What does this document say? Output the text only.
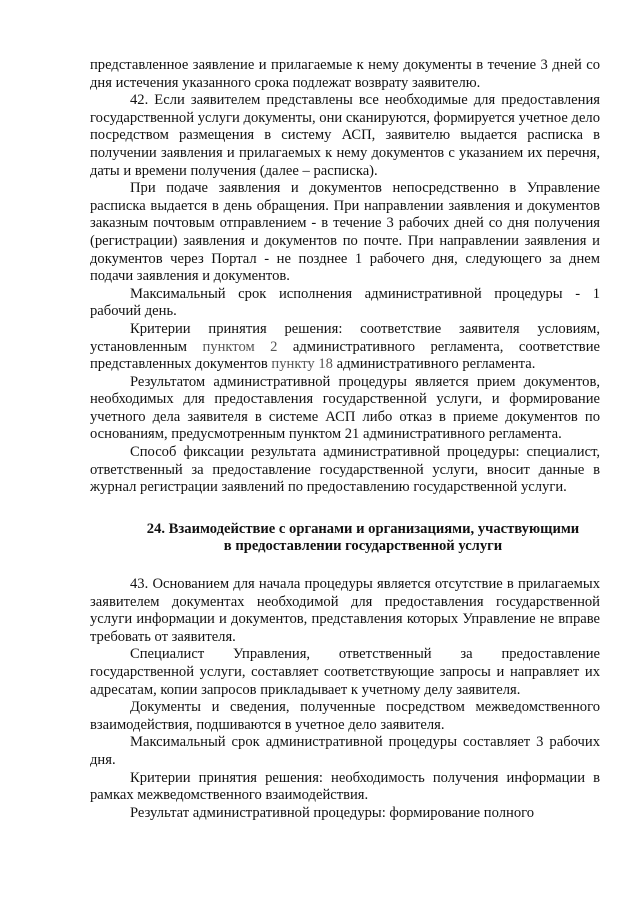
представленное заявление и прилагаемые к нему документы в течение 3 дней со дня истечения указанного срока подлежат возврату заявителю.

42. Если заявителем представлены все необходимые для предоставления государственной услуги документы, они сканируются, формируется учетное дело посредством размещения в систему АСП, заявителю выдается расписка в получении заявления и прилагаемых к нему документов с указанием их перечня, даты и времени получения (далее – расписка).

При подаче заявления и документов непосредственно в Управление расписка выдается в день обращения. При направлении заявления и документов заказным почтовым отправлением - в течение 3 рабочих дней со дня получения (регистрации) заявления и документов по почте. При направлении заявления и документов через Портал - не позднее 1 рабочего дня, следующего за днем подачи заявления и документов.

Максимальный срок исполнения административной процедуры - 1 рабочий день.

Критерии принятия решения: соответствие заявителя условиям, установленным пунктом 2 административного регламента, соответствие представленных документов пункту 18 административного регламента.

Результатом административной процедуры является прием документов, необходимых для предоставления государственной услуги, и формирование учетного дела заявителя в системе АСП либо отказ в приеме документов по основаниям, предусмотренным пунктом 21 административного регламента.

Способ фиксации результата административной процедуры: специалист, ответственный за предоставление государственной услуги, вносит данные в журнал регистрации заявлений по предоставлению государственной услуги.

24. Взаимодействие с органами и организациями, участвующими
в предоставлении государственной услуги

43. Основанием для начала процедуры является отсутствие в прилагаемых заявителем документах необходимой для предоставления государственной услуги информации и документов, представления которых Управление не вправе требовать от заявителя.

Специалист Управления, ответственный за предоставление государственной услуги, составляет соответствующие запросы и направляет их адресатам, копии запросов прикладывает к учетному делу заявителя.

Документы и сведения, полученные посредством межведомственного взаимодействия, подшиваются в учетное дело заявителя.

Максимальный срок административной процедуры составляет 3 рабочих дня.

Критерии принятия решения: необходимость получения информации в рамках межведомственного взаимодействия.

Результат административной процедуры: формирование полного
